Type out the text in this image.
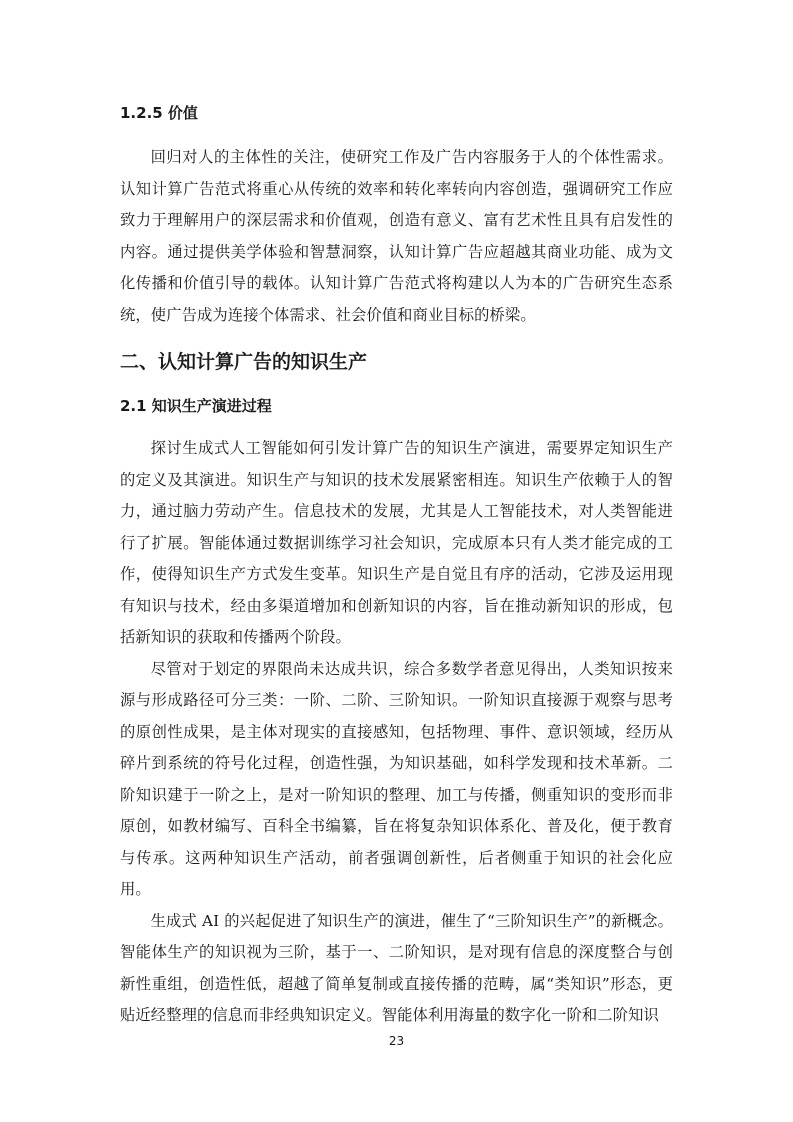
1.2.5 价值

回归对人的主体性的关注，使研究工作及广告内容服务于人的个体性需求。认知计算广告范式将重心从传统的效率和转化率转向内容创造，强调研究工作应致力于理解用户的深层需求和价值观，创造有意义、富有艺术性且具有启发性的内容。通过提供美学体验和智慧洞察，认知计算广告应超越其商业功能、成为文化传播和价值引导的载体。认知计算广告范式将构建以人为本的广告研究生态系统，使广告成为连接个体需求、社会价值和商业目标的桥梁。

二、认知计算广告的知识生产
2.1 知识生产演进过程

探讨生成式人工智能如何引发计算广告的知识生产演进，需要界定知识生产的定义及其演进。知识生产与知识的技术发展紧密相连。知识生产依赖于人的智力，通过脑力劳动产生。信息技术的发展，尤其是人工智能技术，对人类智能进行了扩展。智能体通过数据训练学习社会知识，完成原本只有人类才能完成的工作，使得知识生产方式发生变革。知识生产是自觉且有序的活动，它涉及运用现有知识与技术，经由多渠道增加和创新知识的内容，旨在推动新知识的形成，包括新知识的获取和传播两个阶段。

尽管对于划定的界限尚未达成共识，综合多数学者意见得出，人类知识按来源与形成路径可分三类：一阶、二阶、三阶知识。一阶知识直接源于观察与思考的原创性成果，是主体对现实的直接感知，包括物理、事件、意识领域，经历从碎片到系统的符号化过程，创造性强，为知识基础，如科学发现和技术革新。二阶知识建于一阶之上，是对一阶知识的整理、加工与传播，侧重知识的变形而非原创，如教材编写、百科全书编纂，旨在将复杂知识体系化、普及化，便于教育与传承。这两种知识生产活动，前者强调创新性，后者侧重于知识的社会化应用。

生成式 AI 的兴起促进了知识生产的演进，催生了“三阶知识生产”的新概念。智能体生产的知识视为三阶，基于一、二阶知识，是对现有信息的深度整合与创新性重组，创造性低，超越了简单复制或直接传播的范畴，属“类知识”形态，更贴近经整理的信息而非经典知识定义。智能体利用海量的数字化一阶和二阶知识

23
